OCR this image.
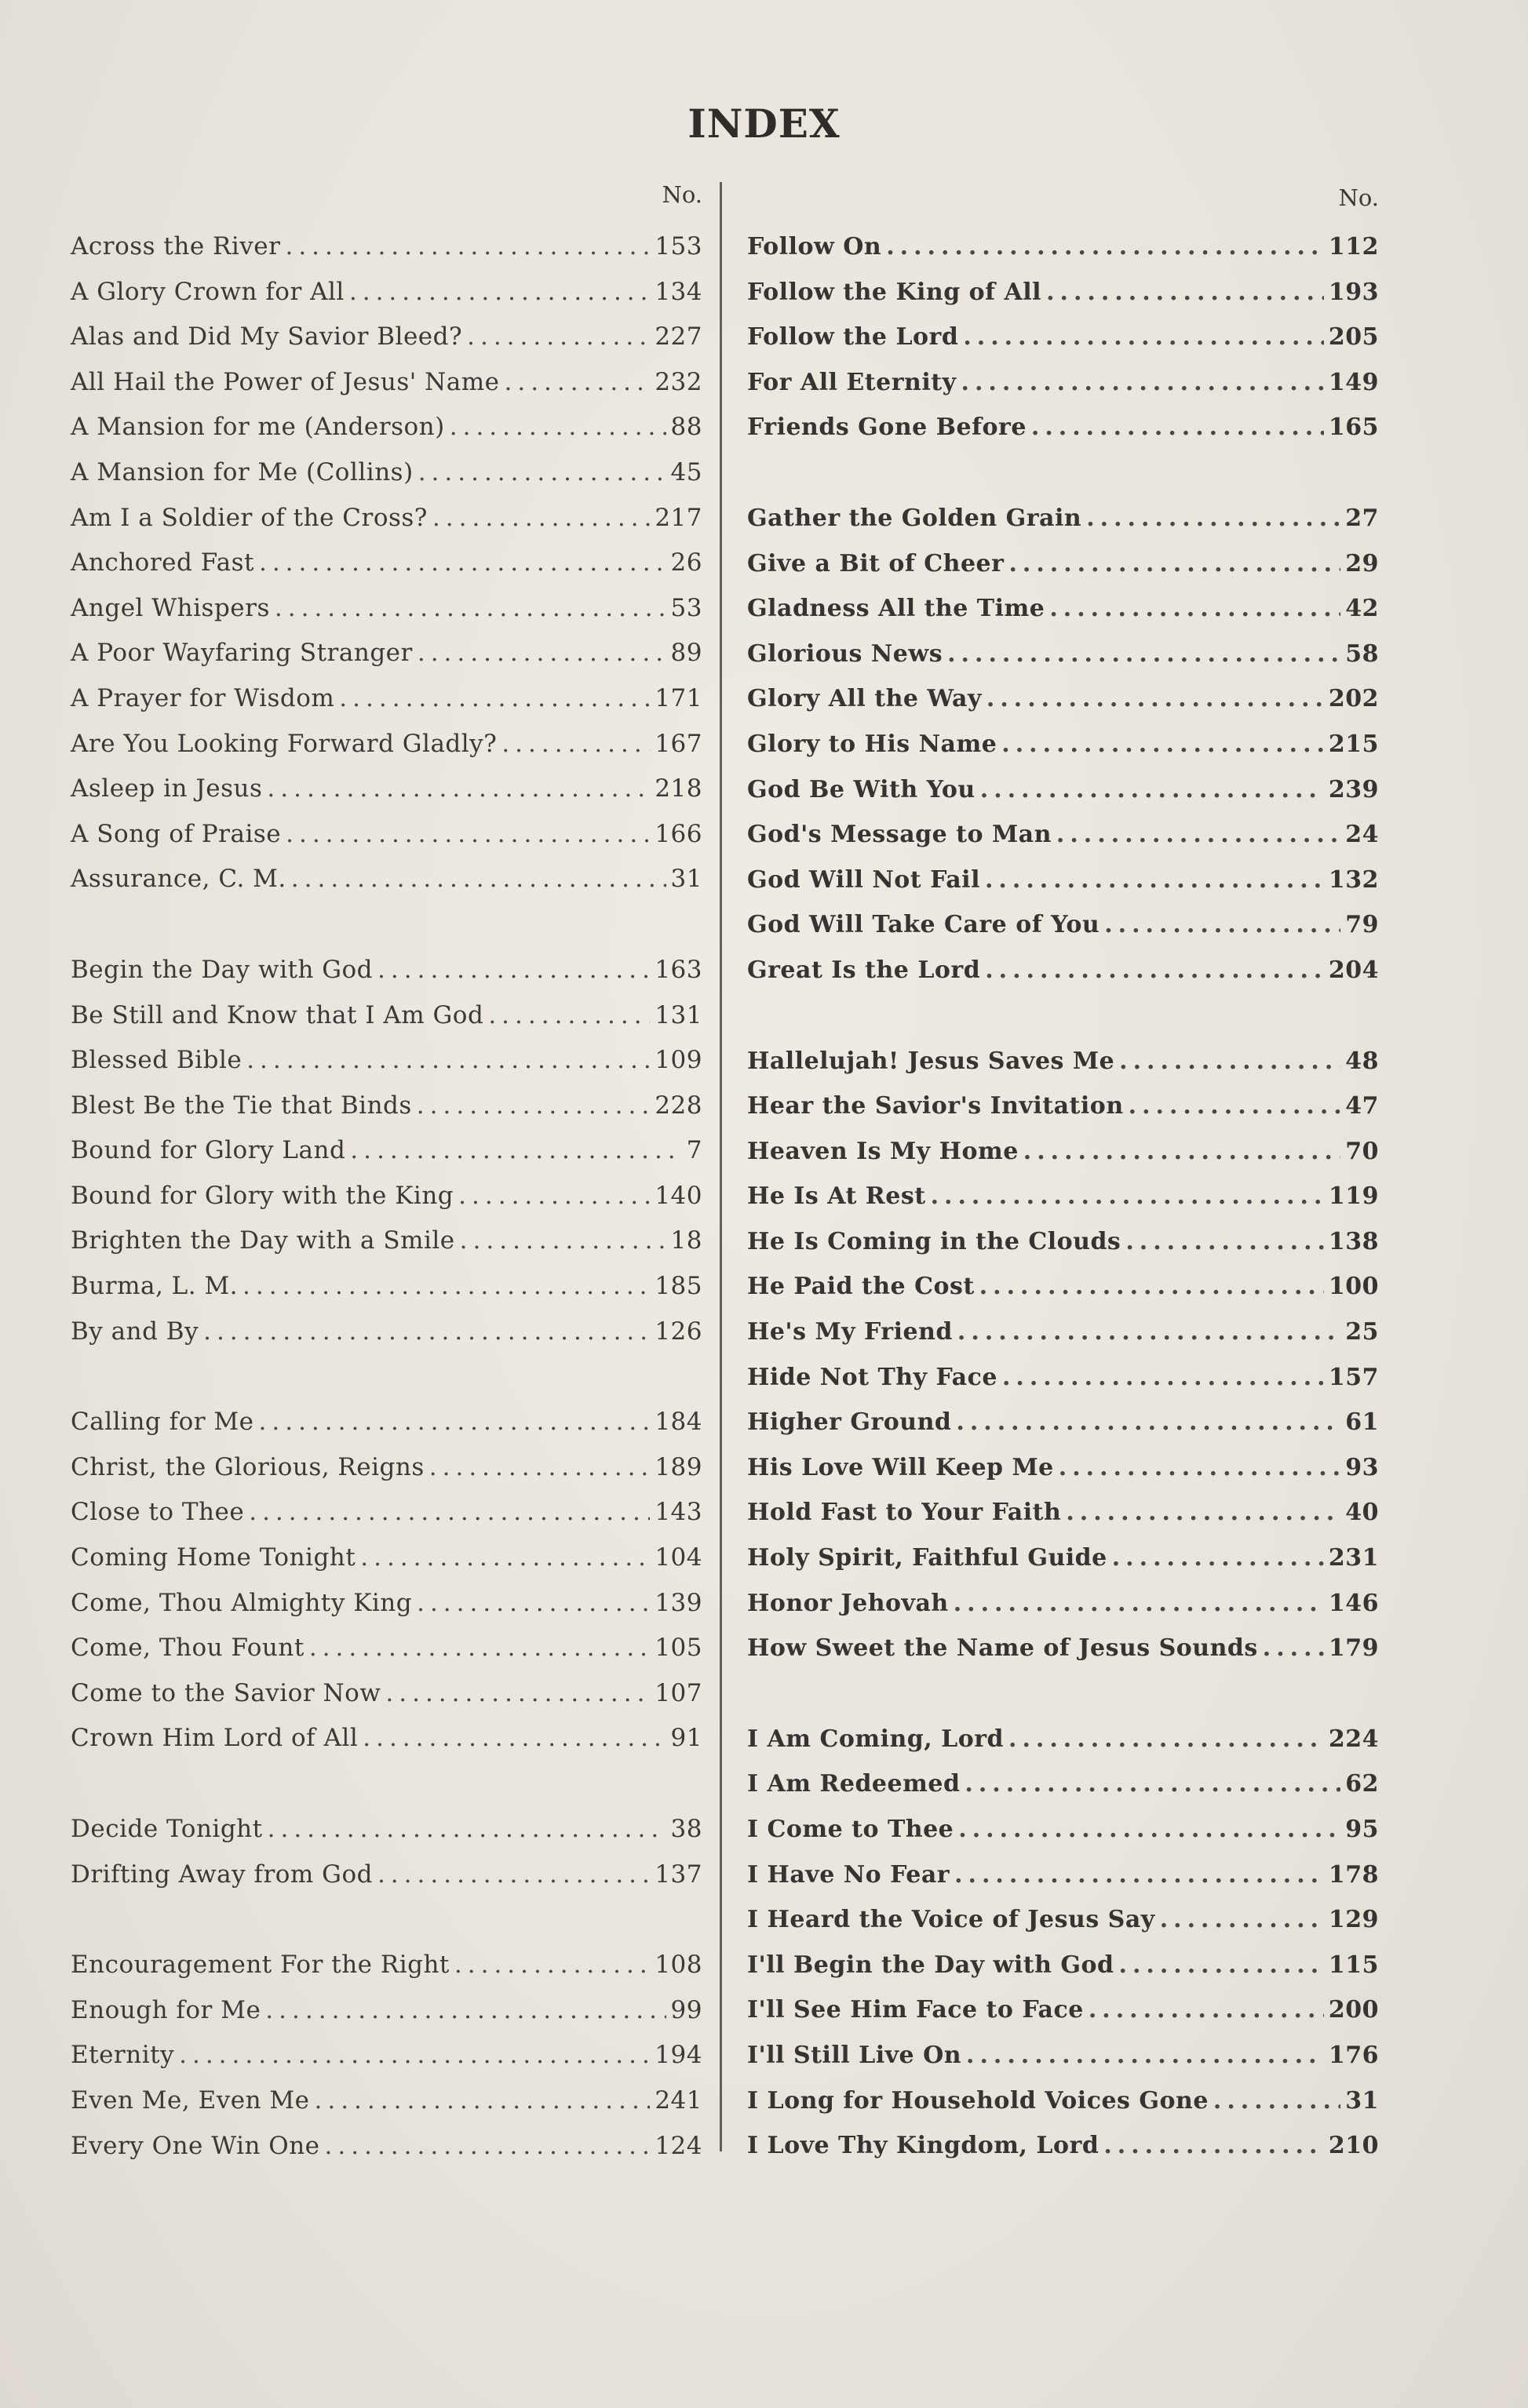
INDEX
No.
Across the River .....	153
A Glory Crown for All .....	134
Alas and Did My Savior Bleed? .....	227
All Hail the Power of Jesus' Name .....	232
A Mansion for me (Anderson) .....	88
A Mansion for Me (Collins) .....	45
Am I a Soldier of the Cross? .....	217
Anchored Fast .....	26
Angel Whispers .....	53
A Poor Wayfaring Stranger .....	89
A Prayer for Wisdom .....	171
Are You Looking Forward Gladly? .....	167
Asleep in Jesus .....	218
A Song of Praise .....	166
Assurance, C. M. .....	31
Begin the Day with God .....	163
Be Still and Know that I Am God .....	131
Blessed Bible .....	109
Blest Be the Tie that Binds .....	228
Bound for Glory Land .....	7
Bound for Glory with the King .....	140
Brighten the Day with a Smile .....	18
Burma, L. M. .....	185
By and By .....	126
Calling for Me .....	184
Christ, the Glorious, Reigns .....	189
Close to Thee .....	143
Coming Home Tonight .....	104
Come, Thou Almighty King .....	139
Come, Thou Fount .....	105
Come to the Savior Now .....	107
Crown Him Lord of All .....	91
Decide Tonight .....	38
Drifting Away from God .....	137
Encouragement For the Right .....	108
Enough for Me .....	99
Eternity .....	194
Even Me, Even Me .....	241
Every One Win One .....	124
No.
Follow On .....	112
Follow the King of All .....	193
Follow the Lord .....	205
For All Eternity .....	149
Friends Gone Before .....	165
Gather the Golden Grain .....	27
Give a Bit of Cheer .....	29
Gladness All the Time .....	42
Glorious News .....	58
Glory All the Way .....	202
Glory to His Name .....	215
God Be With You .....	239
God's Message to Man .....	24
God Will Not Fail .....	132
God Will Take Care of You .....	79
Great Is the Lord .....	204
Hallelujah! Jesus Saves Me .....	48
Hear the Savior's Invitation .....	47
Heaven Is My Home .....	70
He Is At Rest .....	119
He Is Coming in the Clouds .....	138
He Paid the Cost .....	100
He's My Friend .....	25
Hide Not Thy Face .....	157
Higher Ground .....	61
His Love Will Keep Me .....	93
Hold Fast to Your Faith .....	40
Holy Spirit, Faithful Guide .....	231
Honor Jehovah .....	146
How Sweet the Name of Jesus Sounds .....	179
I Am Coming, Lord .....	224
I Am Redeemed .....	62
I Come to Thee .....	95
I Have No Fear .....	178
I Heard the Voice of Jesus Say .....	129
I'll Begin the Day with God .....	115
I'll See Him Face to Face .....	200
I'll Still Live On .....	176
I Long for Household Voices Gone .....	31
I Love Thy Kingdom, Lord .....	210
